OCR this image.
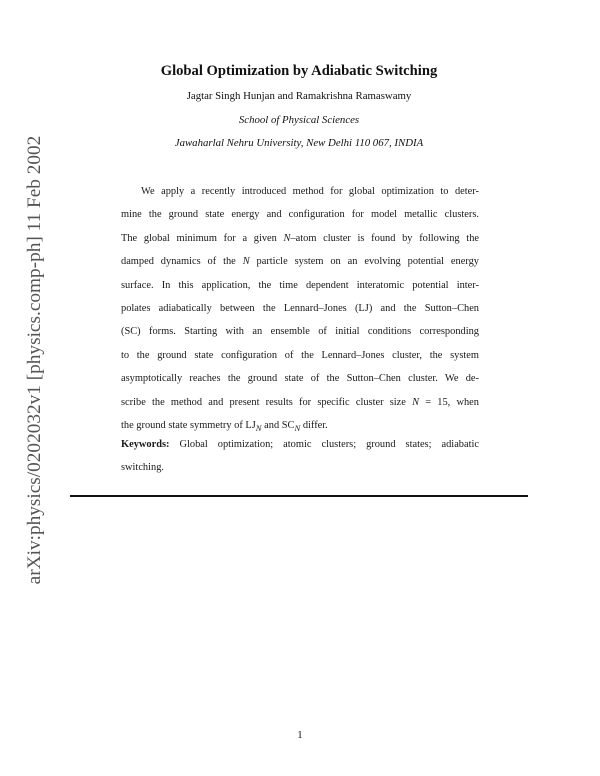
arXiv:physics/0202032v1 [physics.comp-ph] 11 Feb 2002
Global Optimization by Adiabatic Switching
Jagtar Singh Hunjan and Ramakrishna Ramaswamy
School of Physical Sciences
Jawaharlal Nehru University, New Delhi 110 067, INDIA
We apply a recently introduced method for global optimization to deter-
mine the ground state energy and configuration for model metallic clusters.
The global minimum for a given N–atom cluster is found by following the
damped dynamics of the N particle system on an evolving potential energy
surface. In this application, the time dependent interatomic potential inter-
polates adiabatically between the Lennard–Jones (LJ) and the Sutton–Chen
(SC) forms. Starting with an ensemble of initial conditions corresponding
to the ground state configuration of the Lennard–Jones cluster, the system
asymptotically reaches the ground state of the Sutton–Chen cluster. We de-
scribe the method and present results for specific cluster size N = 15, when
the ground state symmetry of $LJ_N$ and $SC_N$ differ.
Keywords: Global optimization; atomic clusters; ground states; adiabatic
switching.
1
